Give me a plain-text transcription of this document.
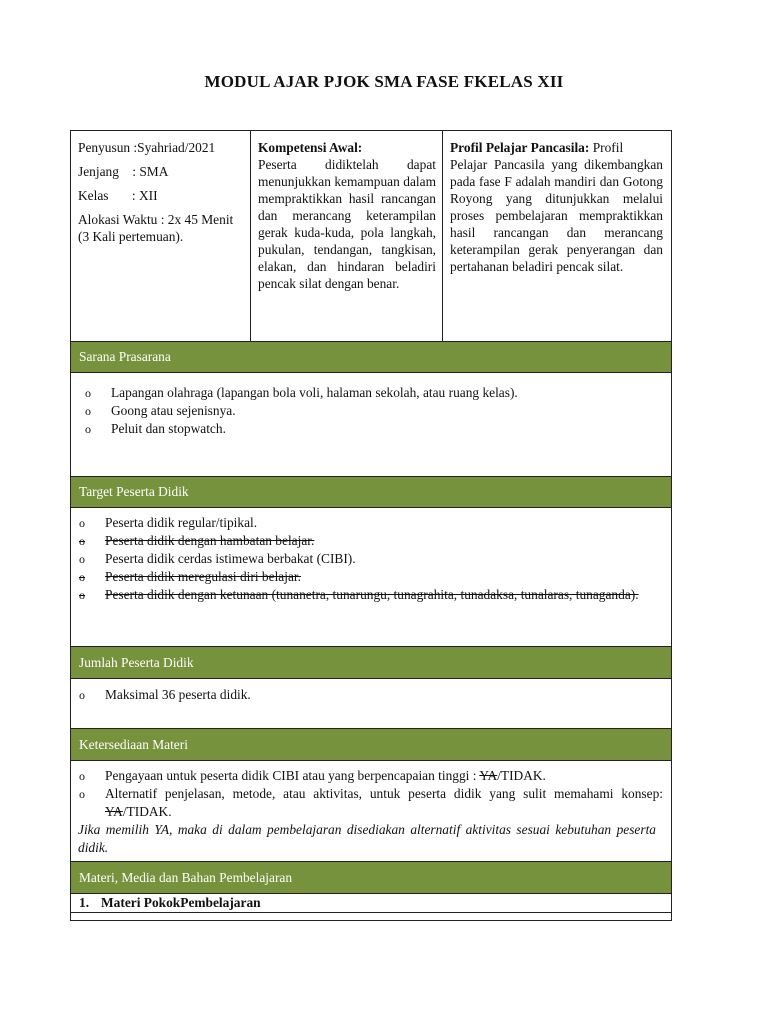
MODUL AJAR PJOK SMA FASE FKELAS XII
Penyusun :Syahriad/2021
Jenjang    : SMA
Kelas       : XII
Alokasi Waktu : 2x 45 Menit (3 Kali pertemuan).
Kompetensi Awal:
Peserta didiktelah dapat menunjukkan kemampuan dalam mempraktikkan hasil rancangan dan merancang keterampilan gerak kuda-kuda, pola langkah, pukulan, tendangan, tangkisan, elakan, dan hindaran beladiri pencak silat dengan benar.
Profil Pelajar Pancasila: Profil
Pelajar Pancasila yang dikembangkan pada fase F adalah mandiri dan Gotong Royong yang ditunjukkan melalui proses pembelajaran mempraktikkan hasil rancangan dan merancang keterampilan gerak penyerangan dan pertahanan beladiri pencak silat.
Sarana Prasarana
o Lapangan olahraga (lapangan bola voli, halaman sekolah, atau ruang kelas).
o Goong atau sejenisnya.
o Peluit dan stopwatch.
Target Peserta Didik
o Peserta didik regular/tipikal.
o Peserta didik dengan hambatan belajar.
o Peserta didik cerdas istimewa berbakat (CIBI).
o Peserta didik meregulasi diri belajar.
o Peserta didik dengan ketunaan (tunanetra, tunarungu, tunagrahita, tunadaksa, tunalaras, tunaganda).
Jumlah Peserta Didik
o Maksimal 36 peserta didik.
Ketersediaan Materi
o Pengayaan untuk peserta didik CIBI atau yang berpencapaian tinggi : YA/TIDAK.
o Alternatif penjelasan, metode, atau aktivitas, untuk peserta didik yang sulit memahami konsep: YA/TIDAK.
Jika memilih YA, maka di dalam pembelajaran disediakan alternatif aktivitas sesuai kebutuhan peserta didik.
Materi, Media dan Bahan Pembelajaran
1. Materi PokokPembelajaran
